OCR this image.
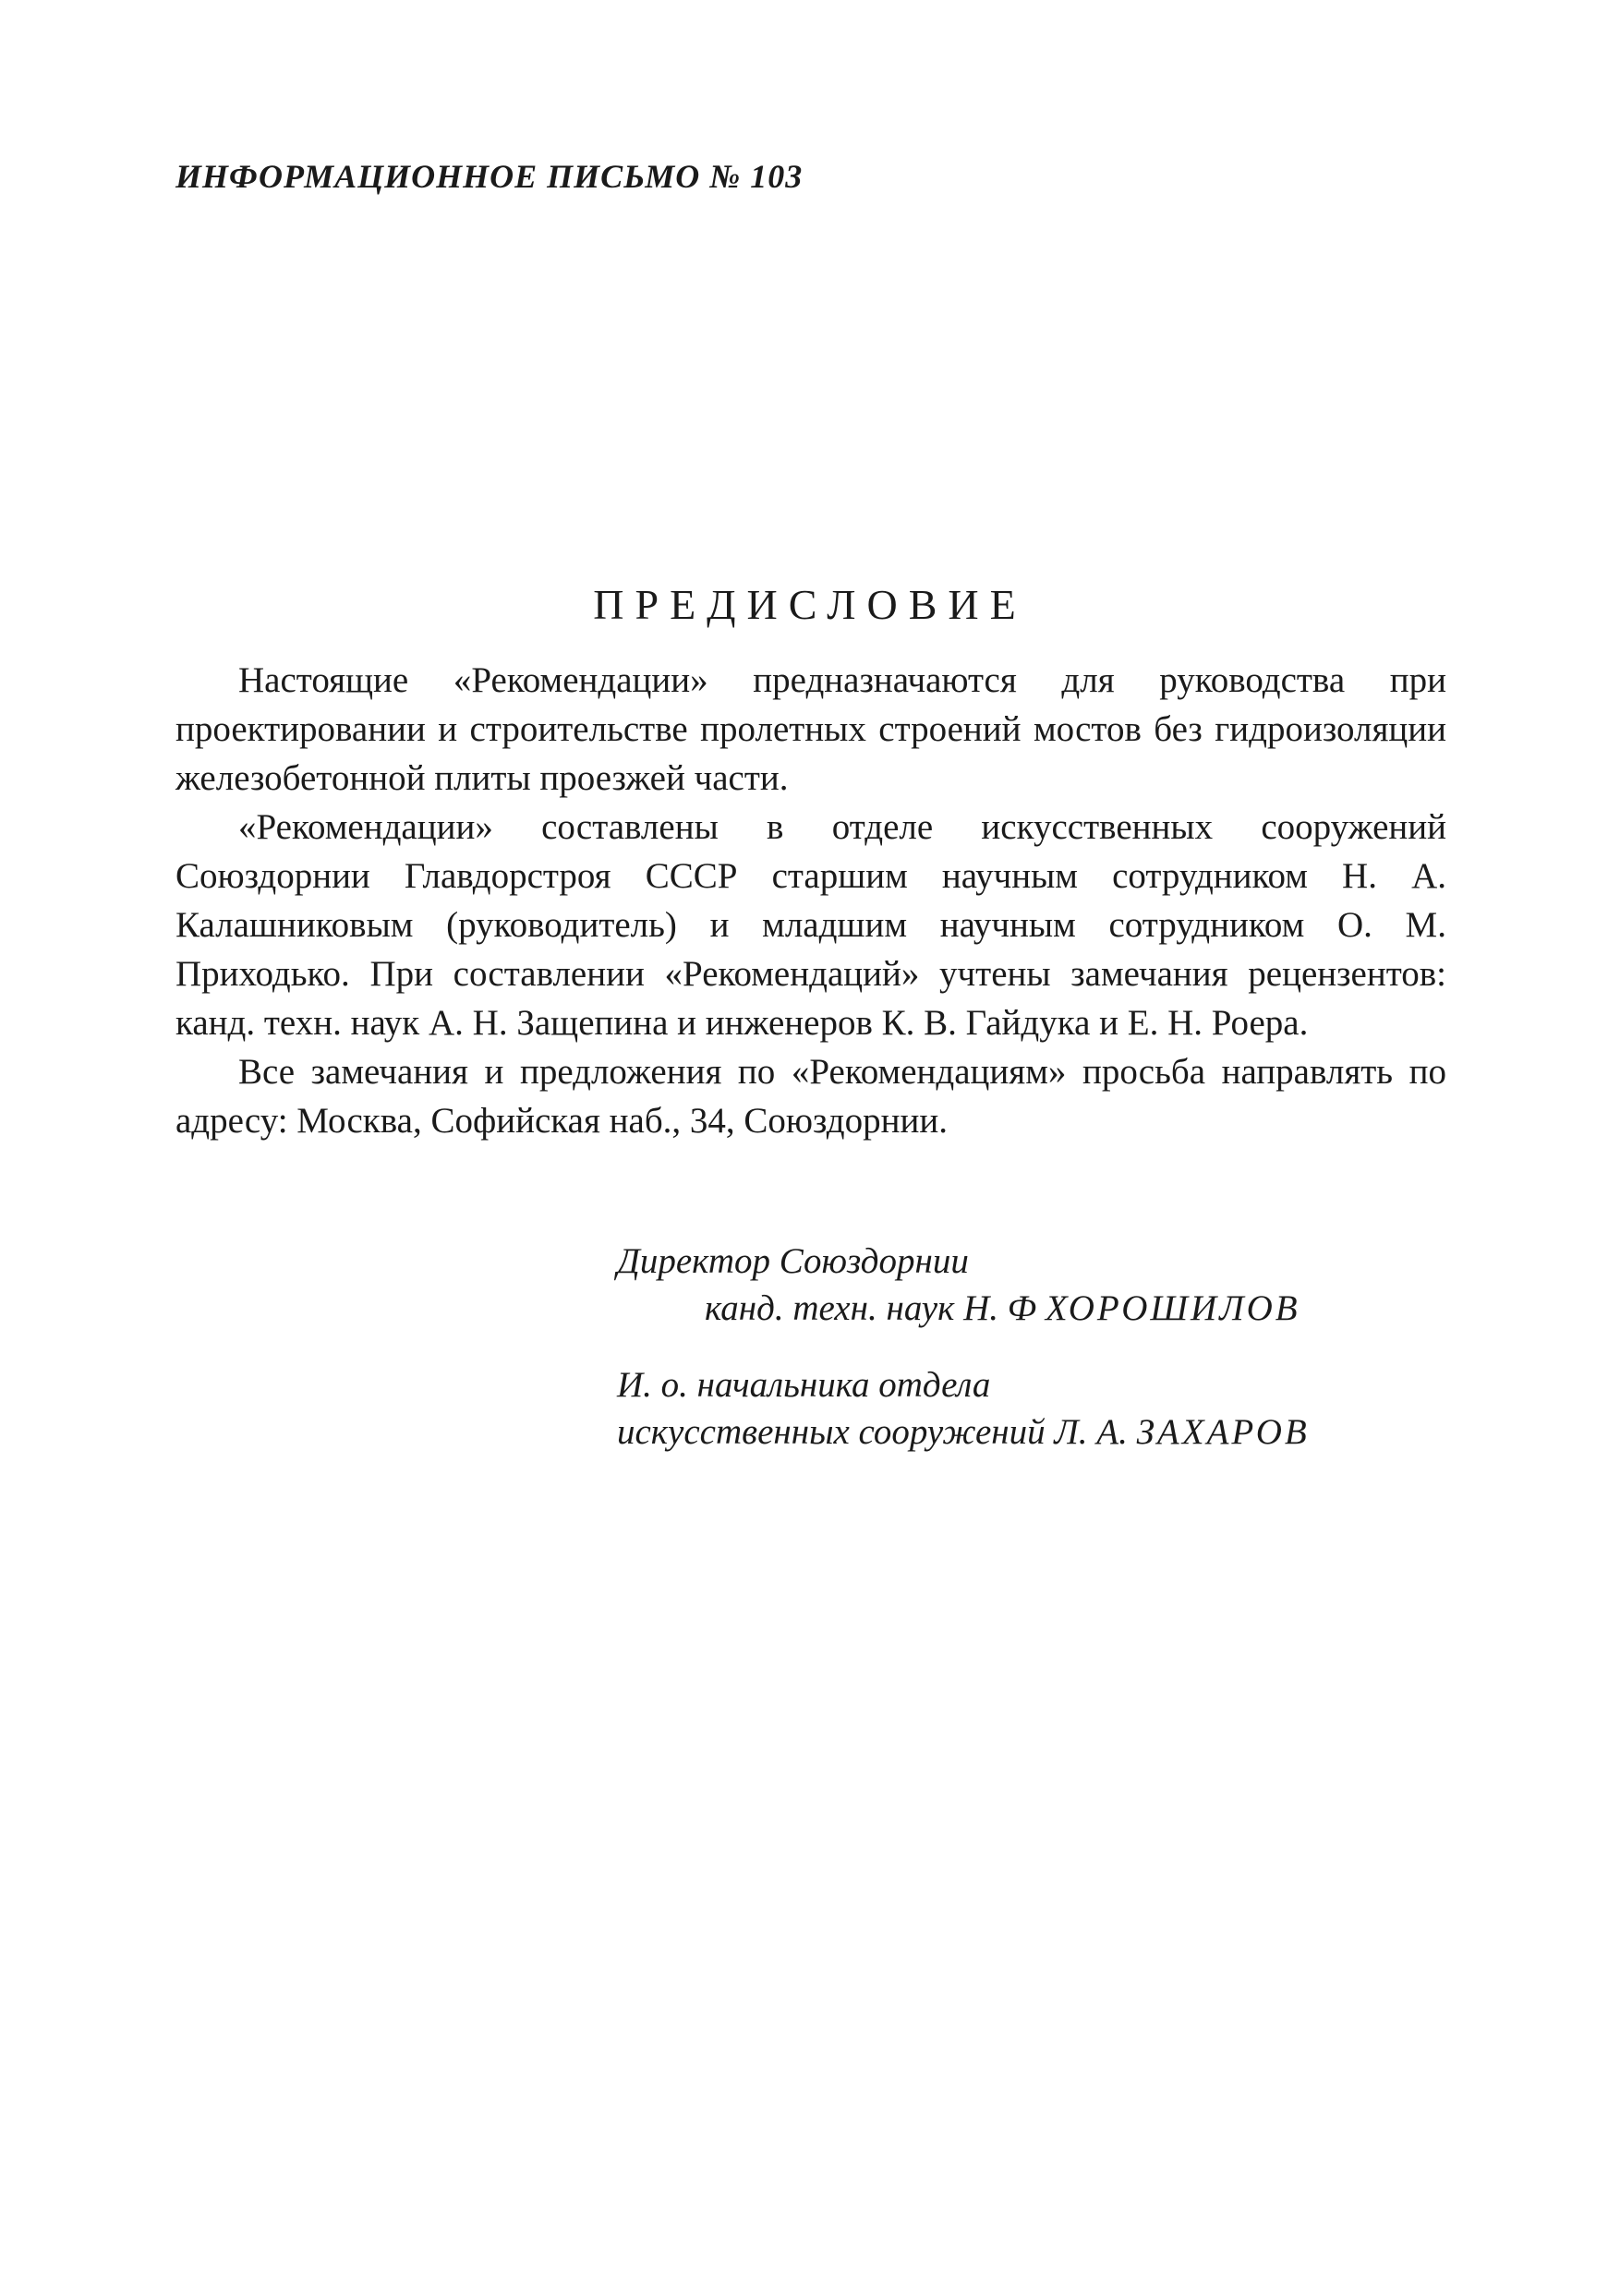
ИНФОРМАЦИОННОЕ ПИСЬМО № 103
ПРЕДИСЛОВИЕ

Настоящие «Рекомендации» предназначаются для руководства при проектировании и строительстве пролетных строений мостов без гидроизоляции железобетонной плиты проезжей части.

«Рекомендации» составлены в отделе искусственных сооружений Союздорнии Главдорстроя СССР старшим научным сотрудником Н. А. Калашниковым (руководитель) и младшим научным сотрудником О. М. Приходько. При составлении «Рекомендаций» учтены замечания рецензентов: канд. техн. наук А. Н. Защепина и инженеров К. В. Гайдука и Е. Н. Роера.

Все замечания и предложения по «Рекомендациям» просьба направлять по адресу: Москва, Софийская наб., 34, Союздорнии.

Директор Союздорнии
канд. техн. наук Н. Ф ХОРОШИЛОВ
И. о. начальника отдела
искусственных сооружений Л. А. ЗАХАРОВ
